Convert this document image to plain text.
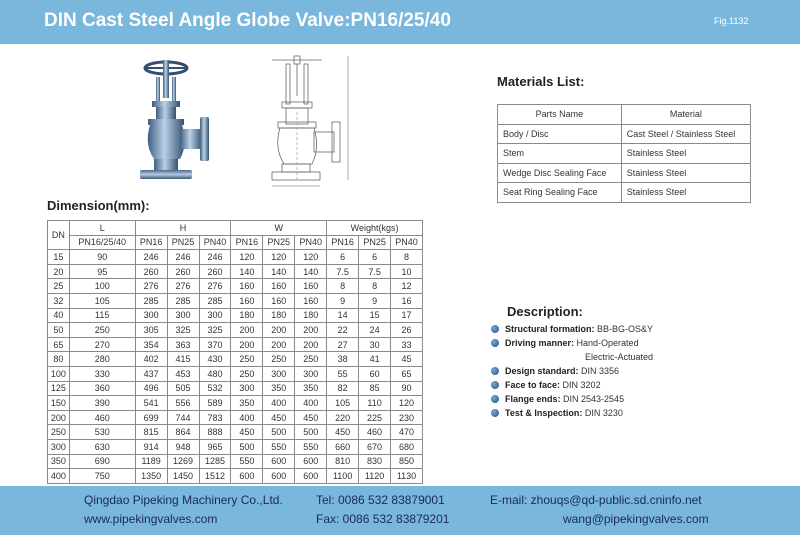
DIN Cast Steel Angle Globe Valve:PN16/25/40	Fig.1132
Materials List:
Parts Name	Material
Body / Disc	Cast Steel / Stainless Steel
Stem	Stainless Steel
Wedge Disc Sealing Face	Stainless Steel
Seat Ring Sealing Face	Stainless Steel
Dimension(mm):
DN	L	H			W			Weight(kgs)		
	PN16/25/40	PN16	PN25	PN40	PN16	PN25	PN40	PN16	PN25	PN40
15	90	246	246	246	120	120	120	6	6	8
20	95	260	260	260	140	140	140	7.5	7.5	10
25	100	276	276	276	160	160	160	8	8	12
32	105	285	285	285	160	160	160	9	9	16
40	115	300	300	300	180	180	180	14	15	17
50	250	305	325	325	200	200	200	22	24	26
65	270	354	363	370	200	200	200	27	30	33
80	280	402	415	430	250	250	250	38	41	45
100	330	437	453	480	250	300	300	55	60	65
125	360	496	505	532	300	350	350	82	85	90
150	390	541	556	589	350	400	400	105	110	120
200	460	699	744	783	400	450	450	220	225	230
250	530	815	864	888	450	500	500	450	460	470
300	630	914	948	965	500	550	550	660	670	680
350	690	1189	1269	1285	550	600	600	810	830	850
400	750	1350	1450	1512	600	600	600	1100	1120	1130
Description:
Structural formation: BB-BG-OS&Y
Driving manner: Hand-Operated
Electric-Actuated
Design standard: DIN 3356
Face to face: DIN 3202
Flange ends: DIN 2543-2545
Test & Inspection: DIN 3230
Qingdao Pipeking Machinery Co.,Ltd.
www.pipekingvalves.com
Tel: 0086 532 83879001
Fax: 0086 532 83879201
E-mail: zhouqs@qd-public.sd.cninfo.net
wang@pipekingvalves.com
